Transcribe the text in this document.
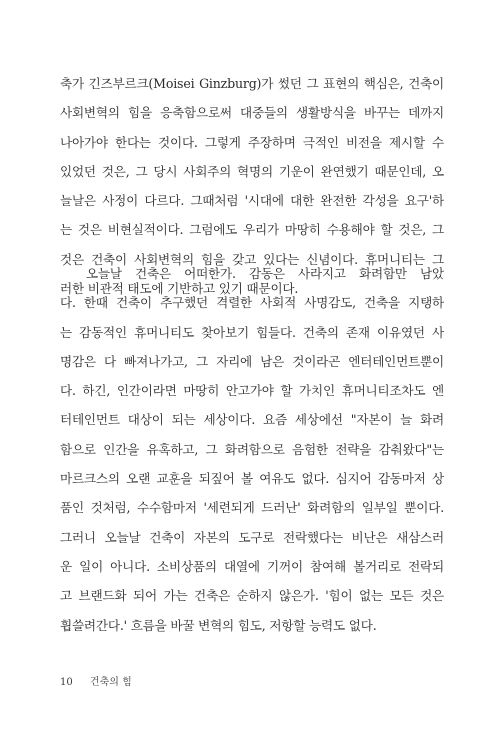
축가 긴즈부르크(Moisei Ginzburg)가 썼던 그 표현의 핵심은, 건축이
사회변혁의 힘을 응축함으로써 대중들의 생활방식을 바꾸는 데까지
나아가야 한다는 것이다. 그렇게 주장하며 극적인 비전을 제시할 수
있었던 것은, 그 당시 사회주의 혁명의 기운이 완연했기 때문인데, 오
늘날은 사정이 다르다. 그때처럼 '시대에 대한 완전한 각성을 요구'하
는 것은 비현실적이다. 그럼에도 우리가 마땅히 수용해야 할 것은, 그
것은 건축이 사회변혁의 힘을 갖고 있다는 신념이다. 휴머니티는 그
러한 비관적 태도에 기반하고 있기 때문이다.
오늘날 건축은 어떠한가. 감동은 사라지고 화려함만 남았
다. 한때 건축이 추구했던 격렬한 사회적 사명감도, 건축을 지탱하
는 감동적인 휴머니티도 찾아보기 힘들다. 건축의 존재 이유였던 사
명감은 다 빠져나가고, 그 자리에 남은 것이라곤 엔터테인먼트뿐이
다. 하긴, 인간이라면 마땅히 안고가야 할 가치인 휴머니티조차도 엔
터테인먼트 대상이 되는 세상이다. 요즘 세상에선 "자본이 늘 화려
함으로 인간을 유혹하고, 그 화려함으로 음험한 전략을 감춰왔다"는
마르크스의 오랜 교훈을 되짚어 볼 여유도 없다. 심지어 감동마저 상
품인 것처럼, 수수함마저 '세련되게 드러난' 화려함의 일부일 뿐이다.
그러니 오늘날 건축이 자본의 도구로 전락했다는 비난은 새삼스러
운 일이 아니다. 소비상품의 대열에 기꺼이 참여해 볼거리로 전락되
고 브랜드화 되어 가는 건축은 순하지 않은가. '힘이 없는 모든 것은
휩쓸려간다.' 흐름을 바꿀 변혁의 힘도, 저항할 능력도 없다.
10 건축의 힘
